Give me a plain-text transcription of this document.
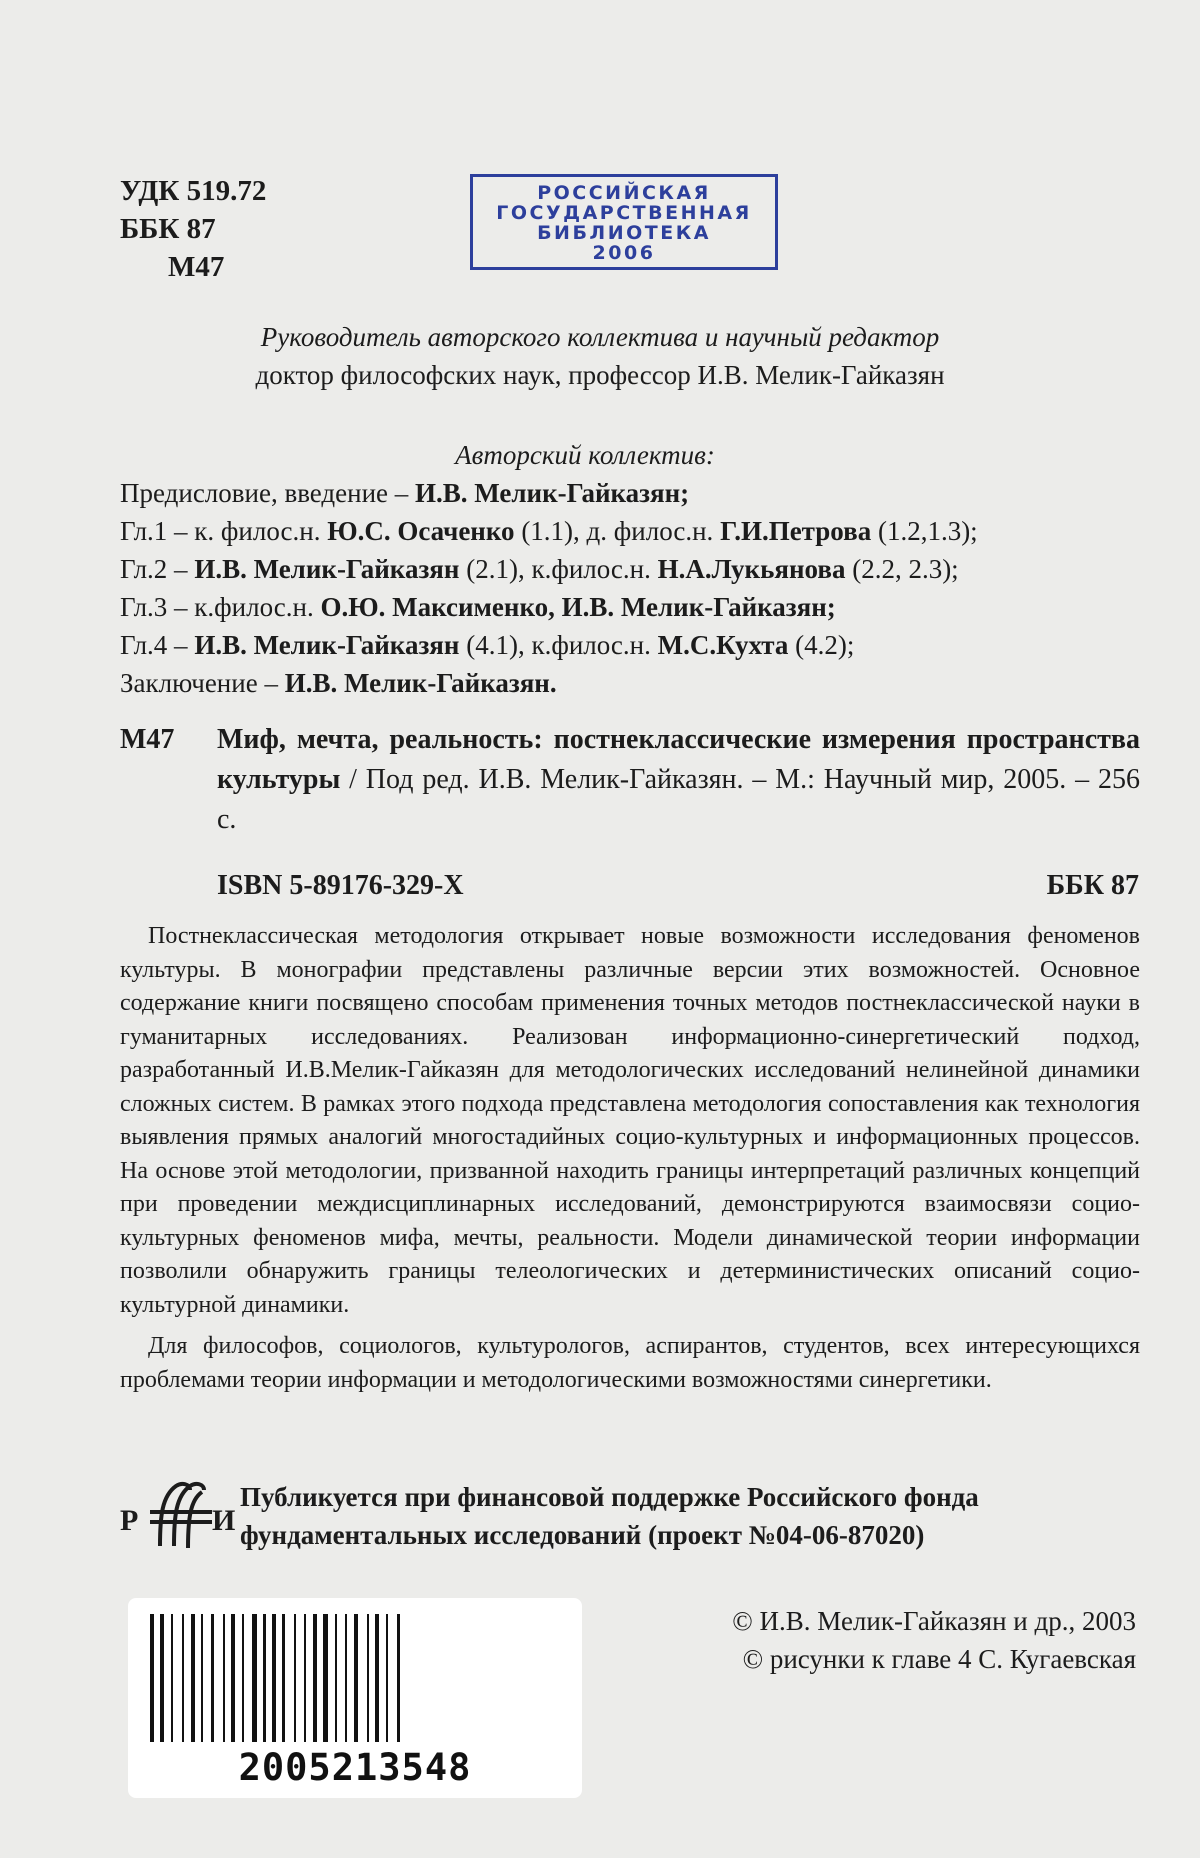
УДК 519.72
ББК 87
М47
РОССИЙСКАЯ
ГОСУДАРСТВЕННАЯ
БИБЛИОТЕКА
2006
Руководитель авторского коллектива и научный редактор
доктор философских наук, профессор И.В. Мелик-Гайказян
Авторский коллектив:
Предисловие, введение – И.В. Мелик-Гайказян;
Гл.1 – к. филос.н. Ю.С. Осаченко (1.1), д. филос.н. Г.И.Петрова (1.2,1.3);
Гл.2 – И.В. Мелик-Гайказян (2.1), к.филос.н. Н.А.Лукьянова (2.2, 2.3);
Гл.3 – к.филос.н. О.Ю. Максименко, И.В. Мелик-Гайказян;
Гл.4 – И.В. Мелик-Гайказян (4.1), к.филос.н. М.С.Кухта (4.2);
Заключение – И.В. Мелик-Гайказян.
М47 Миф, мечта, реальность: постнеклассические измерения пространства культуры / Под ред. И.В. Мелик-Гайказян. – М.: Научный мир, 2005. – 256 с.
ISBN 5-89176-329-X	ББК 87

Постнеклассическая методология открывает новые возможности исследования феноменов культуры. В монографии представлены различные версии этих возможностей. Основное содержание книги посвящено способам применения точных методов постнеклассической науки в гуманитарных исследованиях. Реализован информационно-синергетический подход, разработанный И.В.Мелик-Гайказян для методологических исследований нелинейной динамики сложных систем. В рамках этого подхода представлена методология сопоставления как технология выявления прямых аналогий многостадийных социо-культурных и информационных процессов. На основе этой методологии, призванной находить границы интерпретаций различных концепций при проведении междисциплинарных исследований, демонстрируются взаимосвязи социо-культурных феноменов мифа, мечты, реальности. Модели динамической теории информации позволили обнаружить границы телеологических и детерминистических описаний социо-культурной динамики.

Для философов, социологов, культурологов, аспирантов, студентов, всех интересующихся проблемами теории информации и методологическими возможностями синергетики.

Р И
Публикуется при финансовой поддержке Российского фонда фундаментальных исследований (проект №04-06-87020)
2005213548
© И.В. Мелик-Гайказян и др., 2003
© рисунки к главе 4 С. Кугаевская
